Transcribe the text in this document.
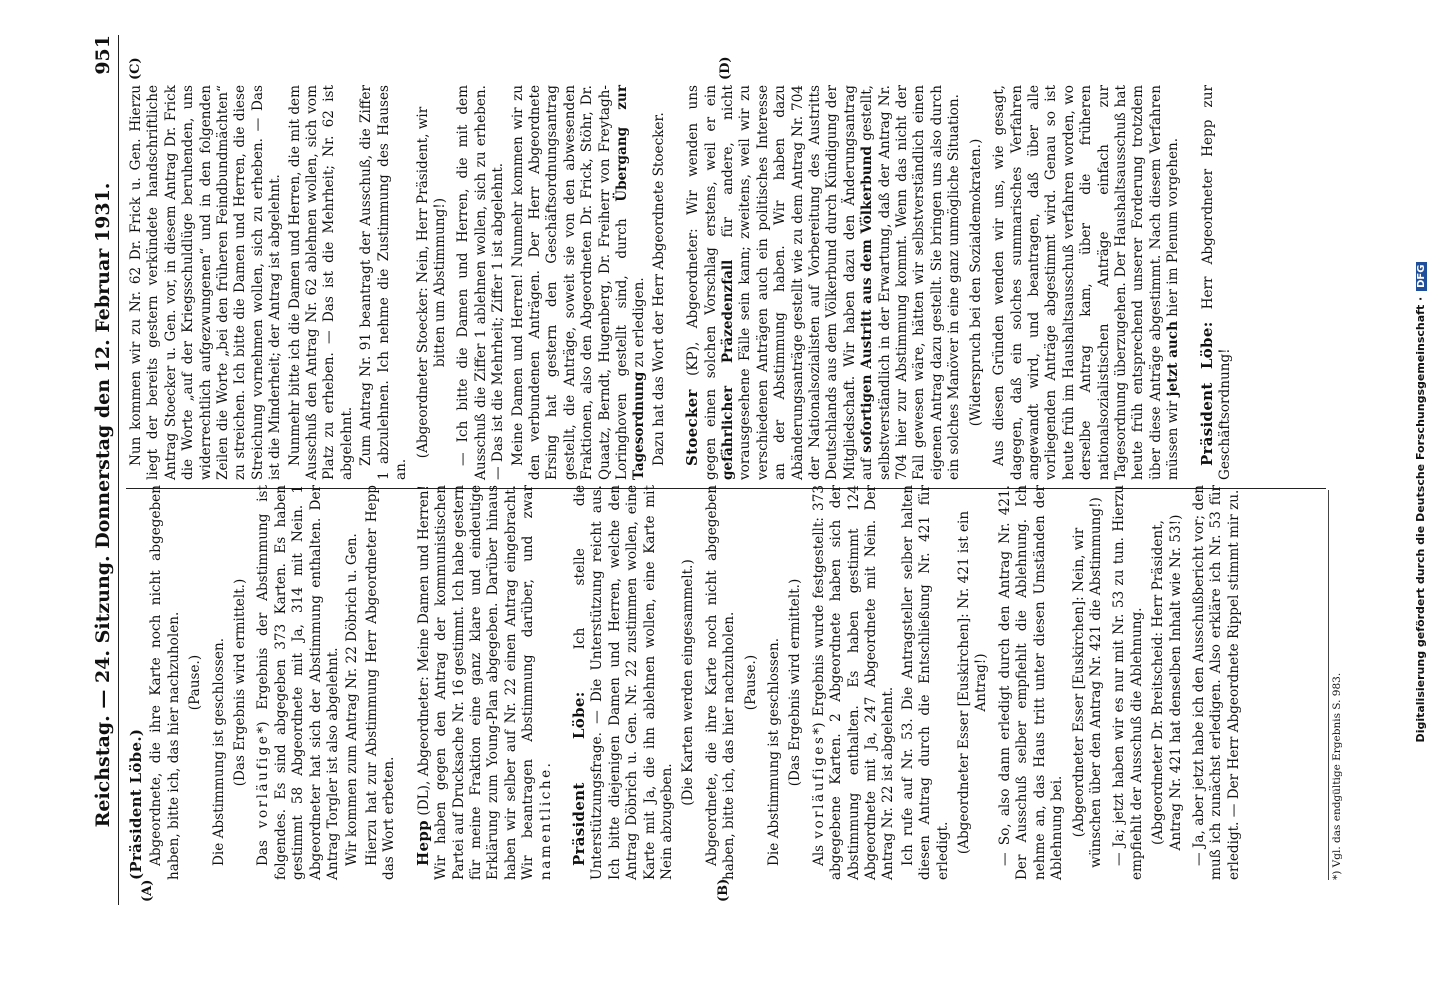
Reichstag. — 24. Sitzung. Donnerstag den 12. Februar 1931.
951
(A)	(B)
(C)	(D)

(Präsident Löbe.) Abgeordnete, die ihre Karte noch nicht abgegeben haben, bitte ich, das hier nachzuholen. (Pause.) Die Abstimmung ist geschlossen. (Das Ergebnis wird ermittelt.)

Das vorläufige*) Ergebnis der Abstimmung ist folgendes. Es sind abgegeben 373 Karten. Es haben gestimmt 58 Abgeordnete mit Ja, 314 mit Nein. 1 Abgeordneter hat sich der Abstimmung enthalten. Der Antrag Torgler ist also abgelehnt. Wir kommen zum Antrag Nr. 22 Döbrich u. Gen. Hierzu hat zur Abstimmung Herr Abgeordneter Hepp das Wort erbeten. Hepp (DL), Abgeordneter: Meine Damen und Herren! Wir haben gegen den Antrag der kommunistischen Partei auf Drucksache Nr. 16 gestimmt. Ich habe gestern für meine Fraktion eine ganz klare und eindeutige Erklärung zum Young-Plan abgegeben. Darüber hinaus haben wir selber auf Nr. 22 einen Antrag eingebracht. Wir beantragen Abstimmung darüber, und zwar namentliche. Präsident Löbe: Ich stelle die Unterstützungsfrage. — Die Unterstützung reicht aus. Ich bitte diejenigen Damen und Herren, welche den Antrag Döbrich u. Gen. Nr. 22 zustimmen wollen, eine Karte mit Ja, die ihn ablehnen wollen, eine Karte mit Nein abzugeben.

(Die Karten werden eingesammelt.) Abgeordnete, die ihre Karte noch nicht abgegeben haben, bitte ich, das hier nachzuholen. (Pause.) Die Abstimmung ist geschlossen. (Das Ergebnis wird ermittelt.)

Als vorläufiges*) Ergebnis wurde festgestellt: 373 abgegebene Karten. 2 Abgeordnete haben sich der Abstimmung enthalten. Es haben gestimmt 124 Abgeordnete mit Ja, 247 Abgeordnete mit Nein. Der Antrag Nr. 22 ist abgelehnt. Ich rufe auf Nr. 53. Die Antragsteller selber halten diesen Antrag durch die Entschließung Nr. 421 für erledigt. (Abgeordneter Esser [Euskirchen]: Nr. 421 ist ein Antrag!) — So, also dann erledigt durch den Antrag Nr. 421. Der Ausschuß selber empfiehlt die Ablehnung. Ich nehme an, das Haus tritt unter diesen Umständen der Ablehnung bei. (Abgeordneter Esser [Euskirchen]: Nein, wir wünschen über den Antrag Nr. 421 die Abstimmung!) — Ja; jetzt haben wir es nur mit Nr. 53 zu tun. Hierzu empfiehlt der Ausschuß die Ablehnung. (Abgeordneter Dr. Breitscheid: Herr Präsident, Antrag Nr. 421 hat denselben Inhalt wie Nr. 53!) — Ja, aber jetzt habe ich den Ausschußbericht vor; den muß ich zunächst erledigen. Also erkläre ich Nr. 53 für erledigt. — Der Herr Abgeordnete Rippel stimmt mir zu.	*) Vgl. das endgültige Ergebnis S. 983.

Nun kommen wir zu Nr. 62 Dr. Frick u. Gen. Hierzu liegt der bereits gestern verkündete handschriftliche Antrag Stoecker u. Gen. vor, in diesem Antrag Dr. Frick die Worte „auf der Kriegsschuldlüge beruhenden, uns widerrechtlich aufgezwungenen“ und in den folgenden Zeilen die Worte „bei den früheren Feindbundmächten“ zu streichen. Ich bitte die Damen und Herren, die diese Streichung vornehmen wollen, sich zu erheben. — Das ist die Minderheit; der Antrag ist abgelehnt. Nunmehr bitte ich die Damen und Herren, die mit dem Ausschuß den Antrag Nr. 62 ablehnen wollen, sich vom Platz zu erheben. — Das ist die Mehrheit; Nr. 62 ist abgelehnt. Zum Antrag Nr. 91 beantragt der Ausschuß, die Ziffer 1 abzulehnen. Ich nehme die Zustimmung des Hauses an.

(Abgeordneter Stoecker: Nein, Herr Präsident, wir bitten um Abstimmung!) — Ich bitte die Damen und Herren, die mit dem Ausschuß die Ziffer 1 ablehnen wollen, sich zu erheben. — Das ist die Mehrheit; Ziffer 1 ist abgelehnt. Meine Damen und Herren! Nunmehr kommen wir zu den verbundenen Anträgen. Der Herr Abgeordnete Ersing hat gestern den Geschäftsordnungsantrag gestellt, die Anträge, soweit sie von den abwesenden Fraktionen, also den Abgeordneten Dr. Frick, Stöhr, Dr. Quaatz, Berndt, Hugenberg, Dr. Freiherr von Freytagh-Loringhoven gestellt sind, durch Übergang zur Tagesordnung zu erledigen. Dazu hat das Wort der Herr Abgeordnete Stoecker. Stoecker (KP), Abgeordneter: Wir wenden uns gegen einen solchen Vorschlag erstens, weil er ein gefährlicher Präzedenzfall für andere, nicht vorausgesehene Fälle sein kann; zweitens, weil wir zu verschiedenen Anträgen auch ein politisches Interesse an der Abstimmung haben. Wir haben dazu Abänderungsanträge gestellt wie zu dem Antrag Nr. 704 der Nationalsozialisten auf Vorbereitung des Austritts Deutschlands aus dem Völkerbund durch Kündigung der Mitgliedschaft. Wir haben dazu den Änderungsantrag auf sofortigen Austritt aus dem Völkerbund gestellt, selbstverständlich in der Erwartung, daß der Antrag Nr. 704 hier zur Abstimmung kommt. Wenn das nicht der Fall gewesen wäre, hätten wir selbstverständlich einen eigenen Antrag dazu gestellt. Sie bringen uns also durch ein solches Manöver in eine ganz unmögliche Situation. (Widerspruch bei den Sozialdemokraten.) Aus diesen Gründen wenden wir uns, wie gesagt, dagegen, daß ein solches summarisches Verfahren angewandt wird, und beantragen, daß über alle vorliegenden Anträge abgestimmt wird. Genau so ist heute früh im Haushaltsausschuß verfahren worden, wo derselbe Antrag kam, über die früheren nationalsozialistischen Anträge einfach zur Tagesordnung überzugehen. Der Haushaltsausschuß hat heute früh entsprechend unserer Forderung trotzdem über diese Anträge abgestimmt. Nach diesem Verfahren müssen wir jetzt auch hier im Plenum vorgehen.

Präsident Löbe: Herr Abgeordneter Hepp zur Geschäftsordnung!	Digitalisierung gefördert durch die Deutsche Forschungsgemeinschaft · DFG
